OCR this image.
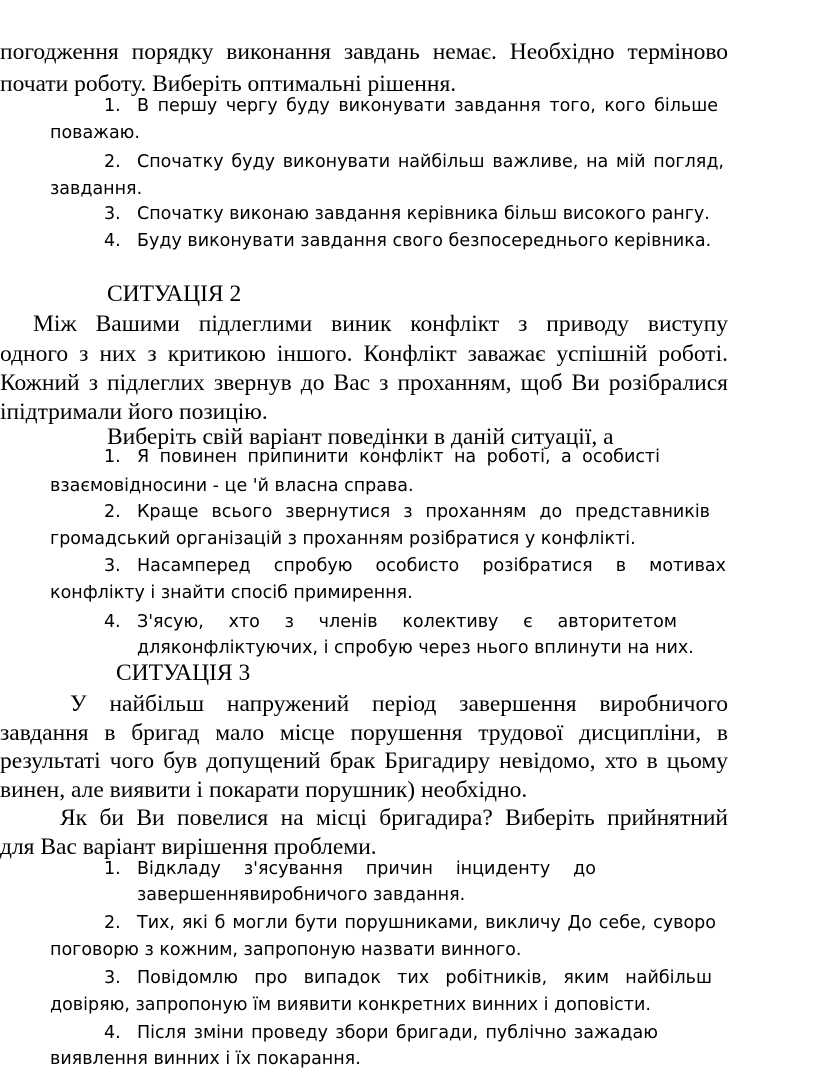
погодження порядку виконання завдань немає. Необхідно терміново
почати роботу. Виберіть оптимальні рішення.
1. В першу чергу буду виконувати завдання того, кого більше
поважаю.
2. Спочатку буду виконувати найбільш важливе, на мій погляд,
завдання.
3. Спочатку виконаю завдання керівника більш високого рангу.
4. Буду виконувати завдання свого безпосереднього керівника.
СИТУАЦІЯ 2
Між Вашими підлеглими виник конфлікт з приводу виступу
одного з них з критикою іншого. Конфлікт заважає успішній роботі.
Кожний з підлеглих звернув до Вас з проханням, щоб Ви розібралися
іпідтримали його позицію.
Виберіть свій варіант поведінки в даній ситуації, а
1. Я повинен припинити конфлікт на роботі, а особисті
взаємовідносини - це 'й власна справа.
2. Краще всього звернутися з проханням до представників
громадський організацій з проханням розібратися у конфлікті.
3. Насамперед спробую особисто розібратися в мотивах
конфлікту і знайти спосіб примирення.
4. З'ясую, хто з членів колективу є авторитетом
дляконфліктуючих, і спробую через нього вплинути на них.
СИТУАЦІЯ 3
У найбільш напружений період завершення виробничого
завдання в бригад мало місце порушення трудової дисципліни, в
результаті чого був допущений брак Бригадиру невідомо, хто в цьому
винен, але виявити і покарати порушник) необхідно.
Як би Ви повелися на місці бригадира? Виберіть прийнятний
для Вас варіант вирішення проблеми.
1. Відкладу з'ясування причин інциденту до
завершеннявиробничого завдання.
2. Тих, які б могли бути порушниками, викличу До себе, суворо
поговорю з кожним, запропоную назвати винного.
3. Повідомлю про випадок тих робітників, яким найбільш
довіряю, запропоную їм виявити конкретних винних і доповісти.
4. Після зміни проведу збори бригади, публічно зажадаю
виявлення винних і їх покарання.
